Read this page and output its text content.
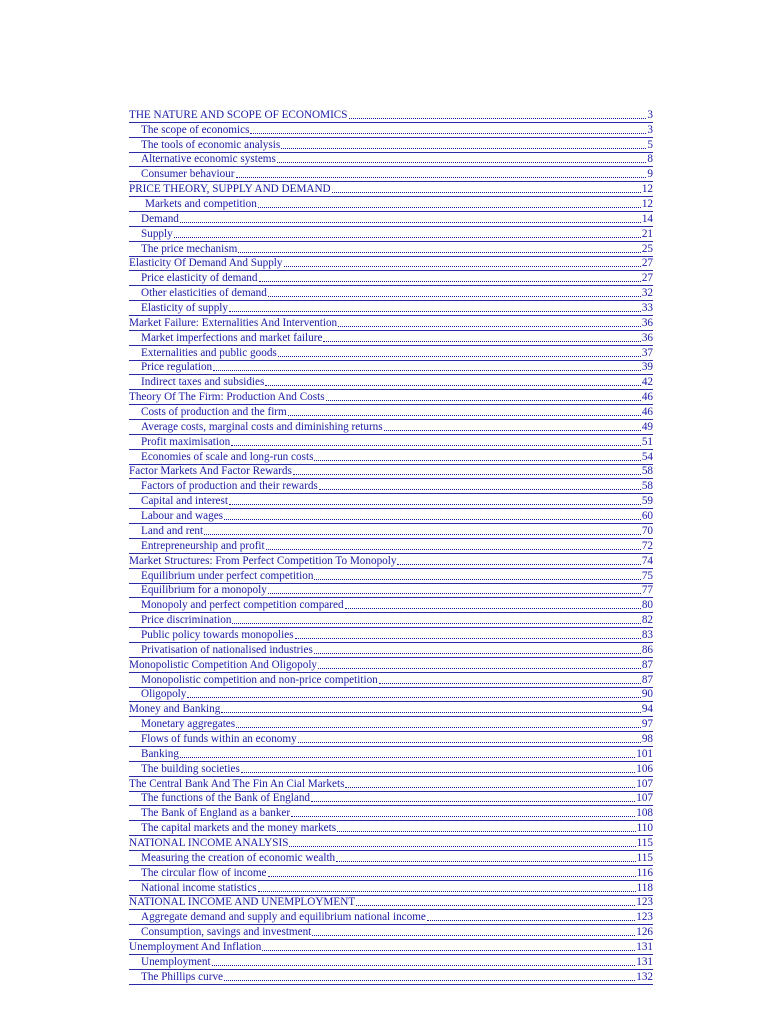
THE NATURE AND SCOPE OF ECONOMICS	3
The scope of economics	3
The tools of economic analysis	5
Alternative economic systems	8
Consumer behaviour	9
PRICE THEORY, SUPPLY AND DEMAND	12
Markets and competition	12
Demand	14
Supply	21
The price mechanism	25
Elasticity Of Demand And Supply	27
Price elasticity of demand	27
Other elasticities of demand	32
Elasticity of supply	33
Market Failure: Externalities And Intervention	36
Market imperfections and market failure	36
Externalities and public goods	37
Price regulation	39
Indirect taxes and subsidies	42
Theory Of The Firm: Production And Costs	46
Costs of production and the firm	46
Average costs, marginal costs and diminishing returns	49
Profit maximisation	51
Economies of scale and long-run costs	54
Factor Markets And Factor Rewards	58
Factors of production and their rewards	58
Capital and interest	59
Labour and wages	60
Land and rent	70
Entrepreneurship and profit	72
Market Structures: From Perfect Competition To Monopoly	74
Equilibrium under perfect competition	75
Equilibrium for a monopoly	77
Monopoly and perfect competition compared	80
Price discrimination	82
Public policy towards monopolies	83
Privatisation of nationalised industries	86
Monopolistic Competition And Oligopoly	87
Monopolistic competition and non-price competition	87
Oligopoly	90
Money and Banking	94
Monetary aggregates	97
Flows of funds within an economy	98
Banking	101
The building societies	106
The Central Bank And The Fin An Cial Markets	107
The functions of the Bank of England	107
The Bank of England as a banker	108
The capital markets and the money markets	110
NATIONAL INCOME ANALYSIS	115
Measuring the creation of economic wealth	115
The circular flow of income	116
National income statistics	118
NATIONAL INCOME AND UNEMPLOYMENT	123
Aggregate demand and supply and equilibrium national income	123
Consumption, savings and investment	126
Unemployment And Inflation	131
Unemployment	131
The Phillips curve	132
